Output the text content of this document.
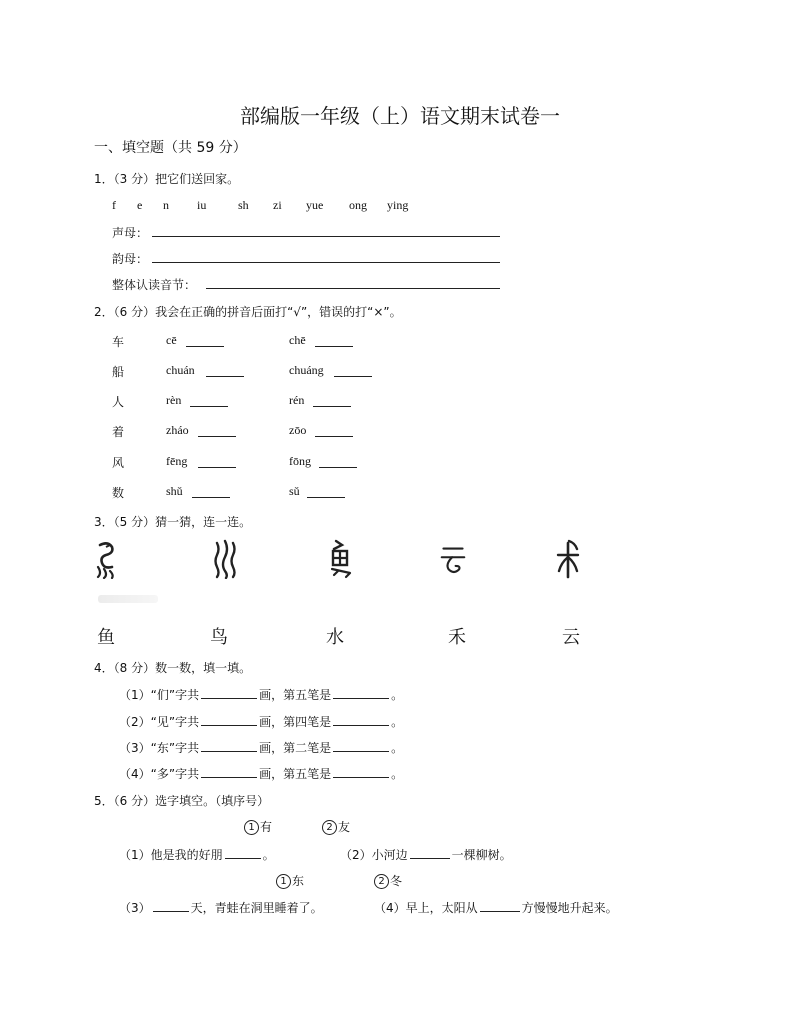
部编版一年级（上）语文期末试卷一
一、填空题（共 59 分）
1．（3 分）把它们送回家。
f e n iu	sh zi yue ong ying
声母：
韵母：
整体认读音节：
2．（6 分）我会在正确的拼音后面打“√”，错误的打“×”。
车	cē	chē
船	chuán	chuáng
人	rèn	rén
着	zháo	zōo
风	fēng	fōng
数	shǔ	sǔ
3．（5 分）猜一猜，连一连。
鱼	鸟	水	禾	云
4．（8 分）数一数，填一填。
（1）“们”字共	画，第五笔是	。
（2）“见”字共	画，第四笔是	。
（3）“东”字共	画，第二笔是	。
（4）“多”字共	画，第五笔是	。
5．（6 分）选字填空。（填序号）
1 有	2 友
（1）他是我的好朋	。	（2）小河边	一棵柳树。
1 东	2 冬
（3）	天，青蛙在洞里睡着了。	（4）早上，太阳从	方慢慢地升起来。
